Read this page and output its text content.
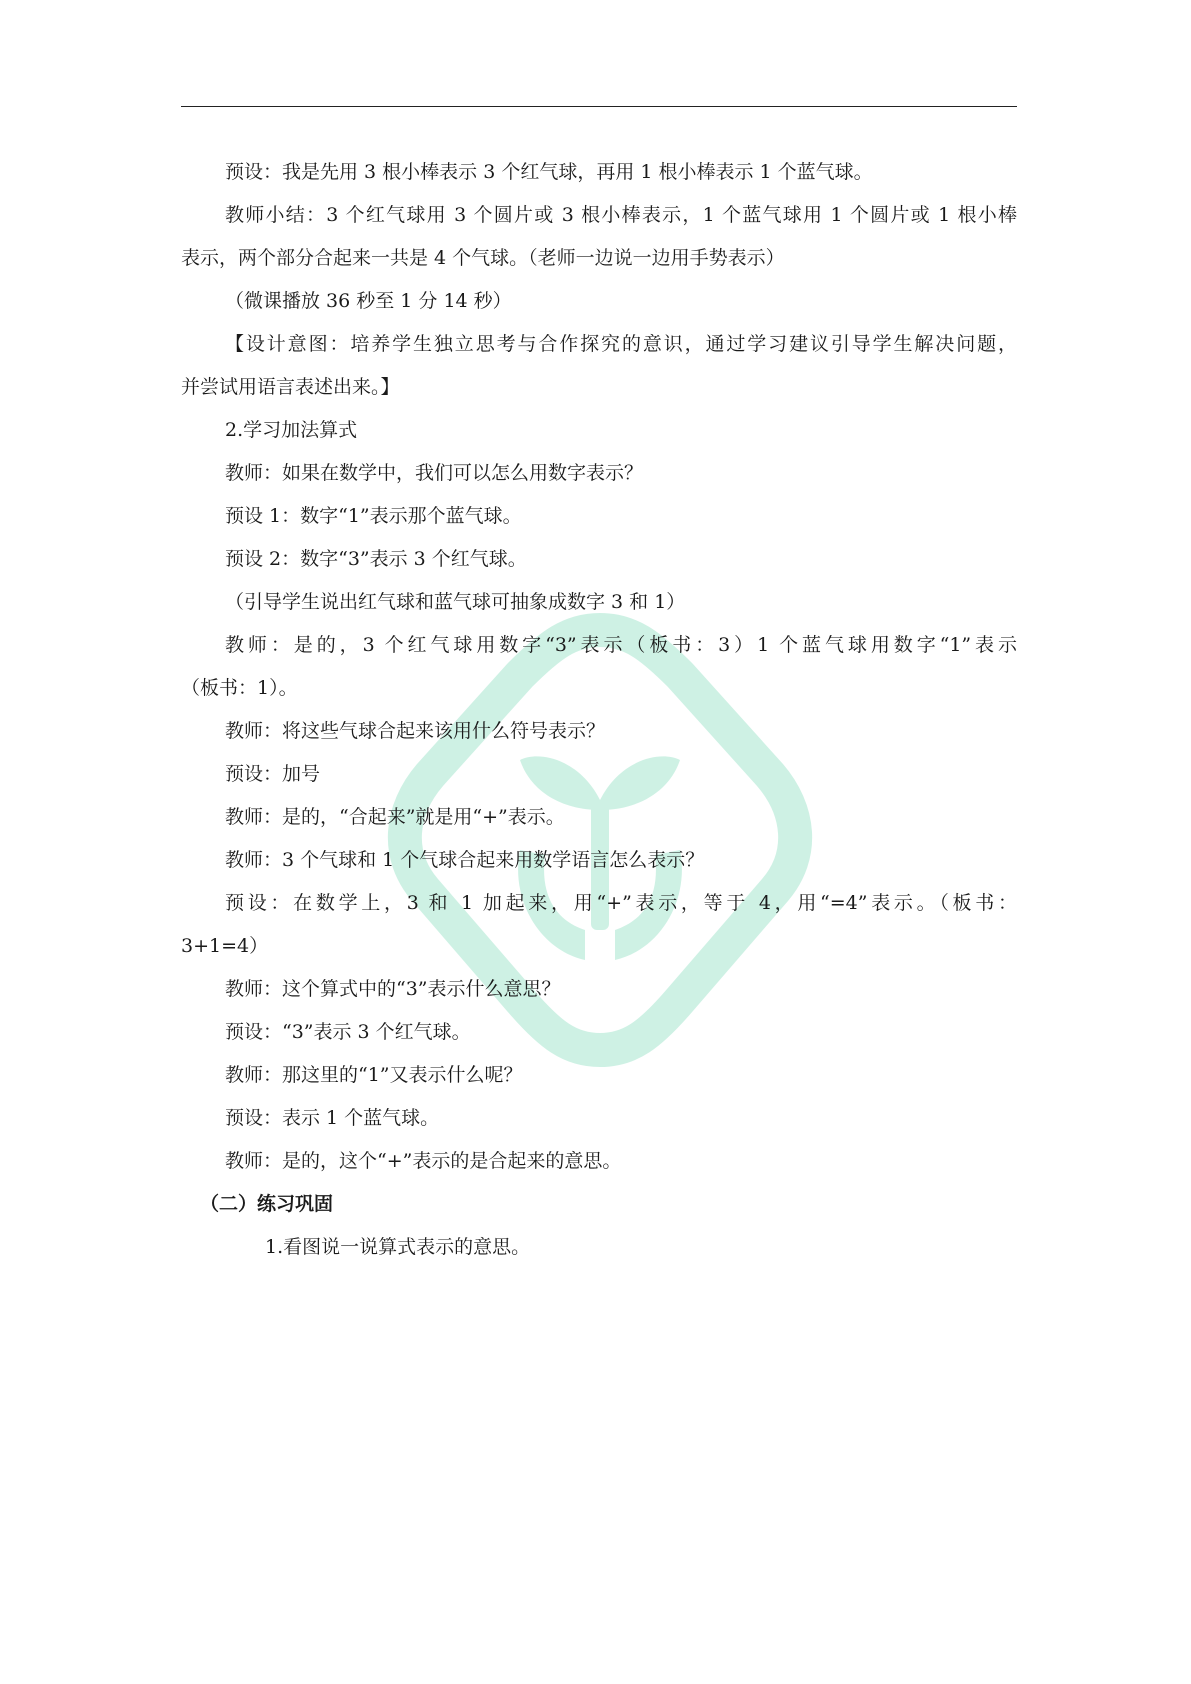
预设：我是先用 3 根小棒表示 3 个红气球，再用 1 根小棒表示 1 个蓝气球。
教师小结：3 个红气球用 3 个圆片或 3 根小棒表示，1 个蓝气球用 1 个圆片或 1 根小棒
表示，两个部分合起来一共是 4 个气球。（老师一边说一边用手势表示）
（微课播放 36 秒至 1 分 14 秒）
【设计意图：培养学生独立思考与合作探究的意识，通过学习建议引导学生解决问题，
并尝试用语言表述出来。】
2.学习加法算式
教师：如果在数学中，我们可以怎么用数字表示？
预设 1：数字“1”表示那个蓝气球。
预设 2：数字“3”表示 3 个红气球。
（引导学生说出红气球和蓝气球可抽象成数字 3 和 1）
教师：是的，3 个红气球用数字“3”表示（板书：3）1 个蓝气球用数字“1”表示
（板书：1）。
教师：将这些气球合起来该用什么符号表示？
预设：加号
教师：是的，“合起来”就是用“+”表示。
教师：3 个气球和 1 个气球合起来用数学语言怎么表示？
预设：在数学上，3 和 1 加起来，用“+”表示，等于 4，用“=4”表示。（板书：
3+1=4）
教师：这个算式中的“3”表示什么意思？
预设：“3”表示 3 个红气球。
教师：那这里的“1”又表示什么呢？
预设：表示 1 个蓝气球。
教师：是的，这个“+”表示的是合起来的意思。
（二）练习巩固
1.看图说一说算式表示的意思。
